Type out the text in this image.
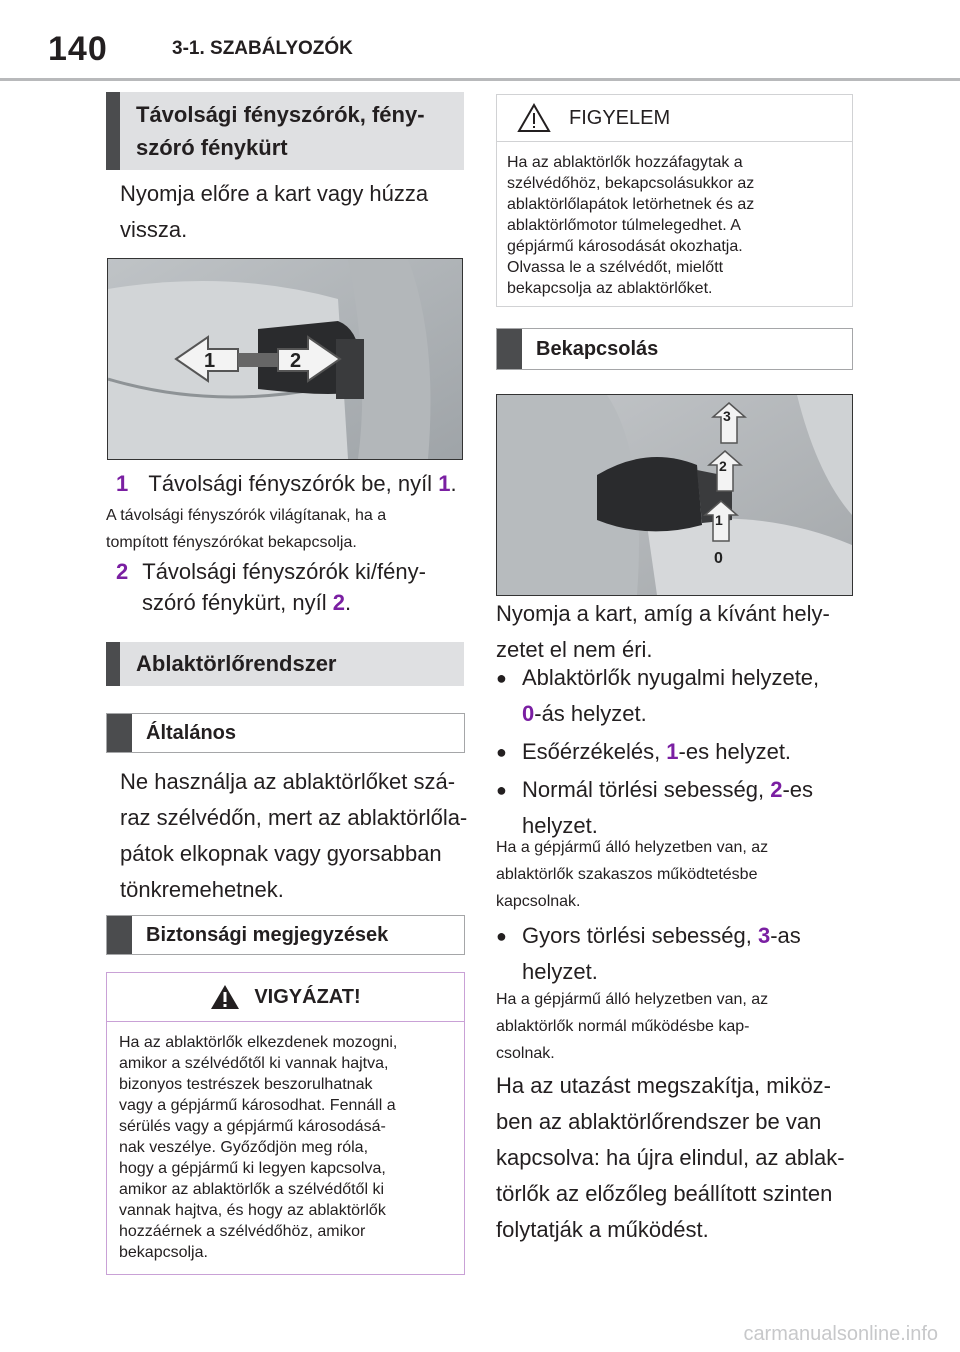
140	3-1. SZABÁLYOZÓK
Távolsági fényszórók, fény-
szóró fénykürt
Nyomja előre a kart vagy húzza
vissza.
1	2
1 Távolsági fényszórók be, nyíl 1.
A távolsági fényszórók világítanak, ha a
tompított fényszórókat bekapcsolja.
2 Távolsági fényszórók ki/fény-
szóró fénykürt, nyíl 2.
Ablaktörlőrendszer
Általános
Ne használja az ablaktörlőket szá-
raz szélvédőn, mert az ablaktörlőla-
pátok elkopnak vagy gyorsabban
tönkremehetnek.
Biztonsági megjegyzések
VIGYÁZAT!
Ha az ablaktörlők elkezdenek mozogni,
amikor a szélvédőtől ki vannak hajtva,
bizonyos testrészek beszorulhatnak
vagy a gépjármű károsodhat. Fennáll a
sérülés vagy a gépjármű károsodásá-
nak veszélye. Győződjön meg róla,
hogy a gépjármű ki legyen kapcsolva,
amikor az ablaktörlők a szélvédőtől ki
vannak hajtva, és hogy az ablaktörlők
hozzáérnek a szélvédőhöz, amikor
bekapcsolja.
FIGYELEM
Ha az ablaktörlők hozzáfagytak a
szélvédőhöz, bekapcsolásukkor az
ablaktörlőlapátok letörhetnek és az
ablaktörlőmotor túlmelegedhet. A
gépjármű károsodását okozhatja.
Olvassa le a szélvédőt, mielőtt
bekapcsolja az ablaktörlőket.
Bekapcsolás
3
2
1
0
Nyomja a kart, amíg a kívánt hely-
zetet el nem éri.
● Ablaktörlők nyugalmi helyzete,
0-ás helyzet.
● Esőérzékelés, 1-es helyzet.
● Normál törlési sebesség, 2-es
helyzet.
Ha a gépjármű álló helyzetben van, az
ablaktörlők szakaszos működtetésbe
kapcsolnak.
● Gyors törlési sebesség, 3-as
helyzet.
Ha a gépjármű álló helyzetben van, az
ablaktörlők normál működésbe kap-
csolnak.
Ha az utazást megszakítja, miköz-
ben az ablaktörlőrendszer be van
kapcsolva: ha újra elindul, az ablak-
törlők az előzőleg beállított szinten
folytatják a működést.
carmanualsonline.info
